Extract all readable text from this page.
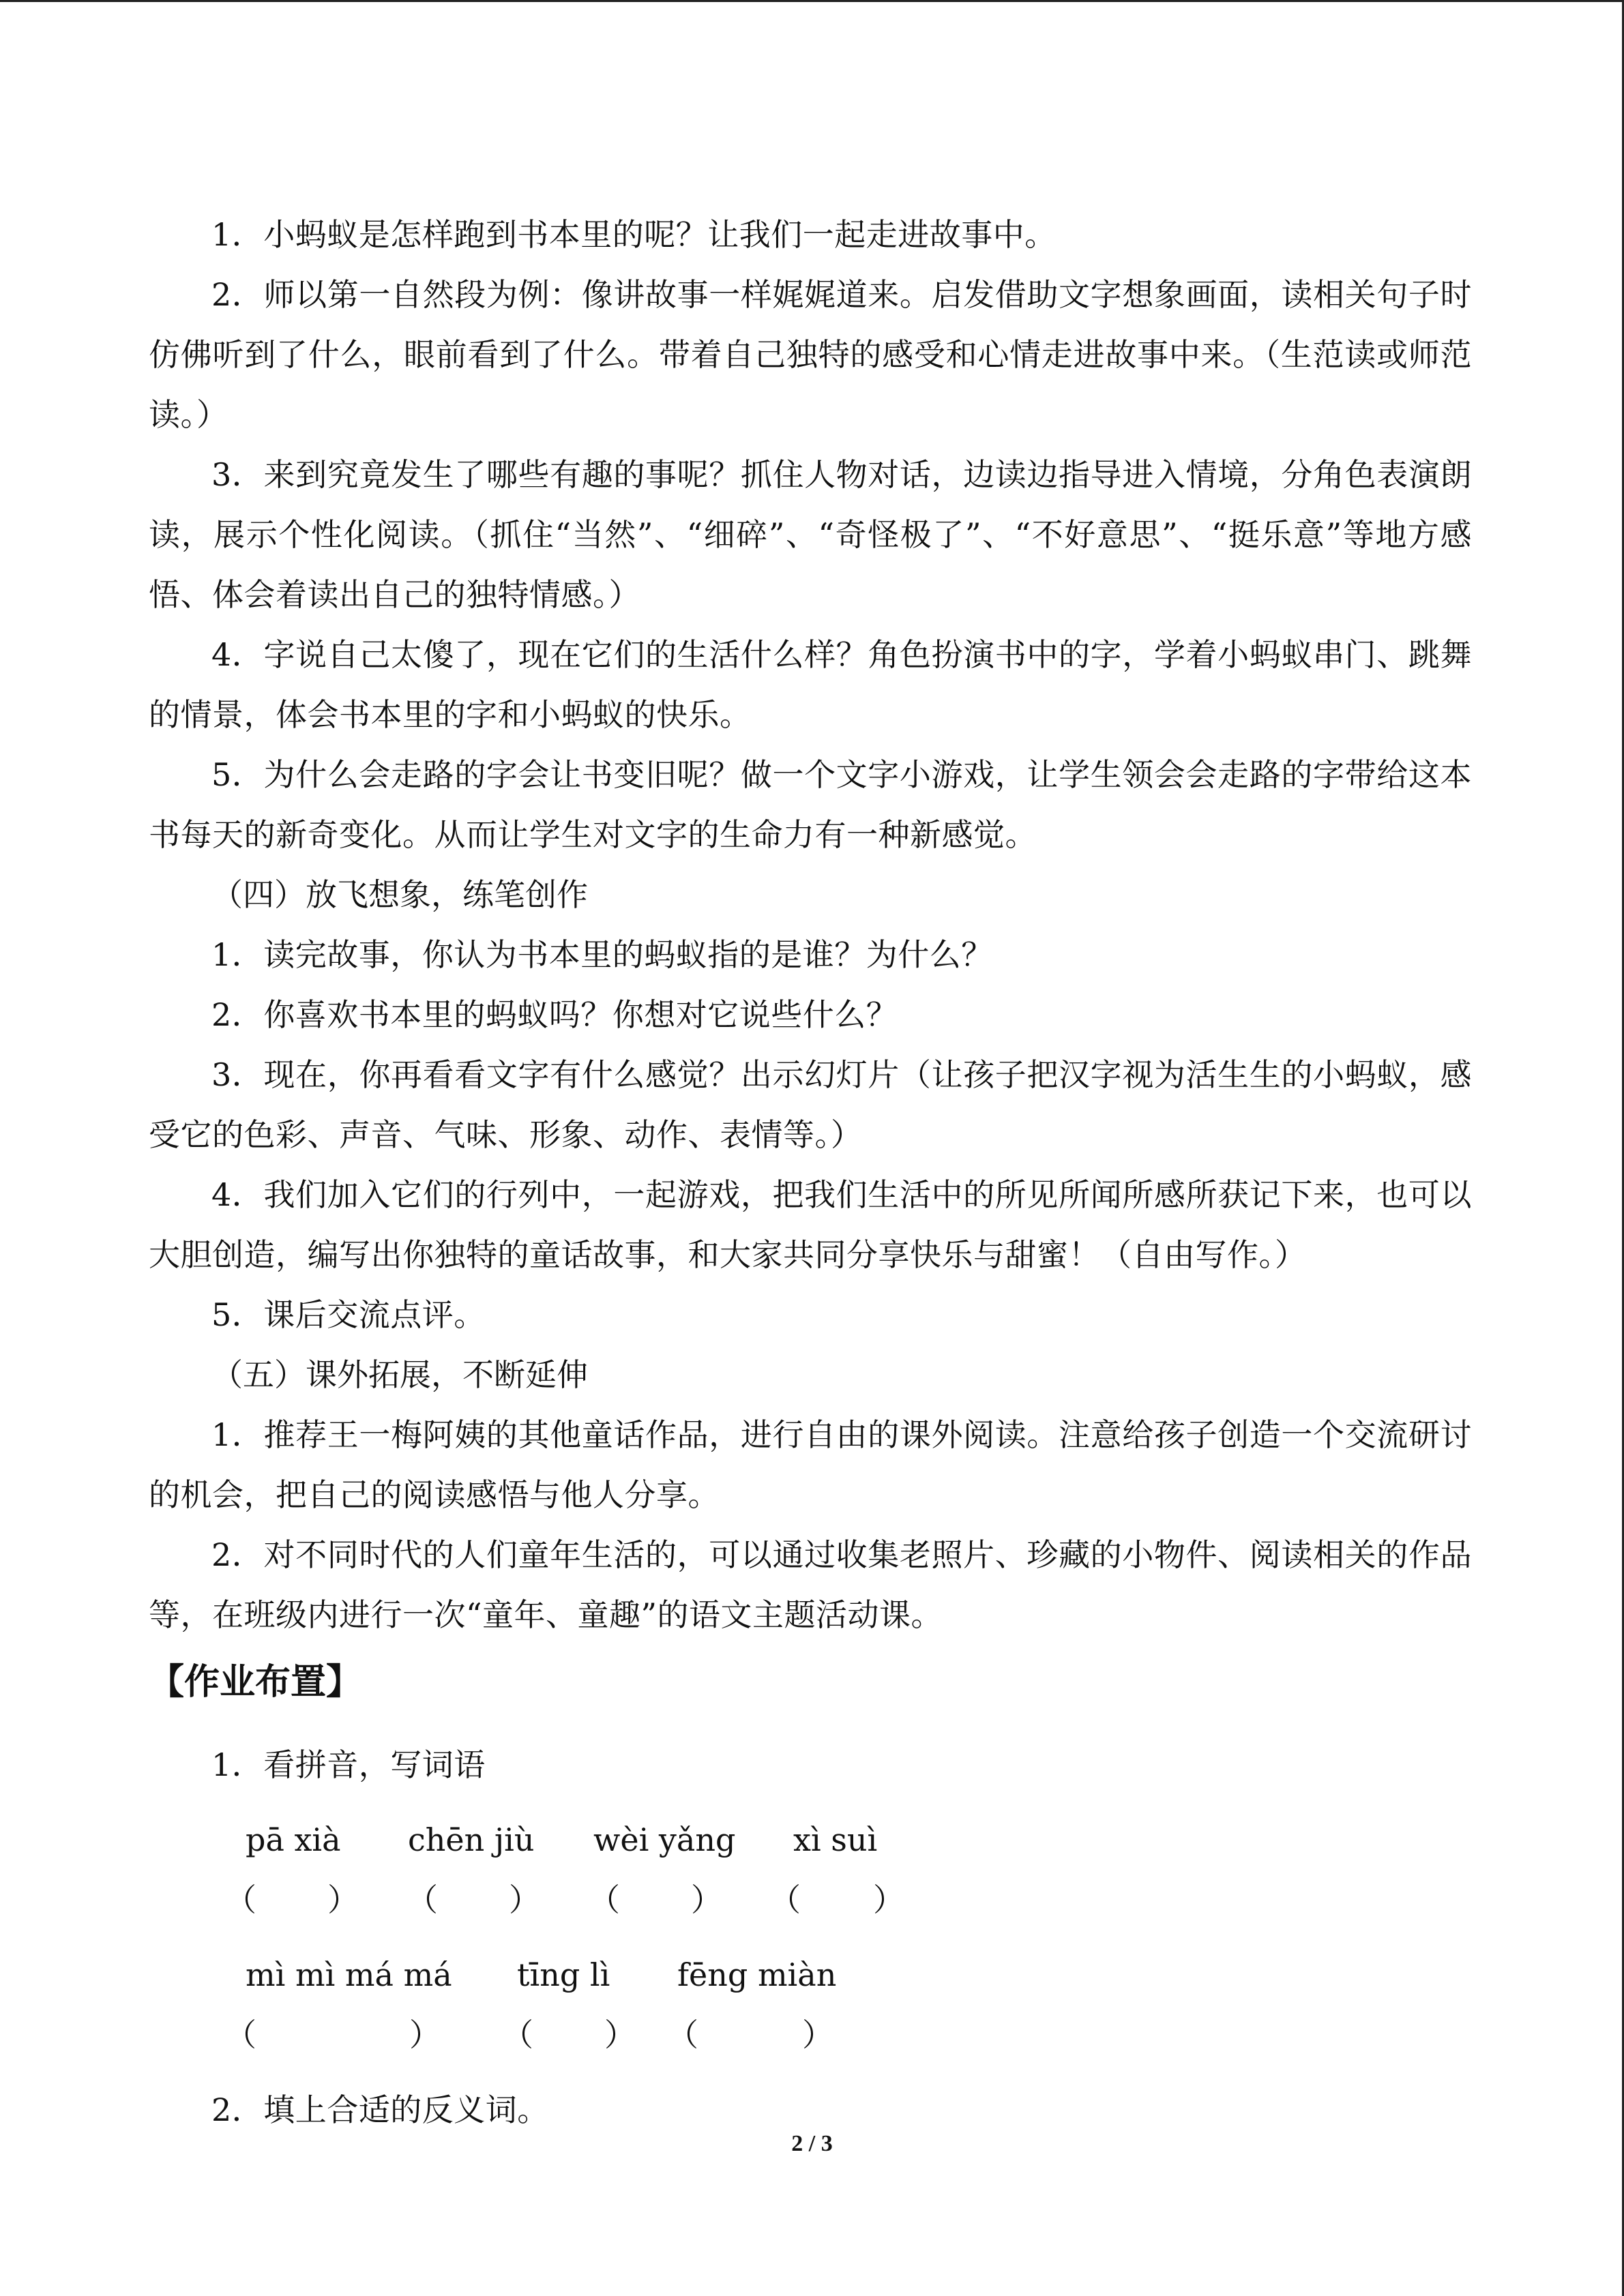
1．小蚂蚁是怎样跑到书本里的呢？让我们一起走进故事中。

2．师以第一自然段为例：像讲故事一样娓娓道来。启发借助文字想象画面，读相关句子时仿佛听到了什么，眼前看到了什么。带着自己独特的感受和心情走进故事中来。（生范读或师范读。）

3．来到究竟发生了哪些有趣的事呢？抓住人物对话，边读边指导进入情境，分角色表演朗读，展示个性化阅读。（抓住“当然”、“细碎”、“奇怪极了”、“不好意思”、“挺乐意”等地方感悟、体会着读出自己的独特情感。）

4．字说自己太傻了，现在它们的生活什么样？角色扮演书中的字，学着小蚂蚁串门、跳舞的情景，体会书本里的字和小蚂蚁的快乐。

5．为什么会走路的字会让书变旧呢？做一个文字小游戏，让学生领会会走路的字带给这本书每天的新奇变化。从而让学生对文字的生命力有一种新感觉。

（四）放飞想象，练笔创作

1．读完故事，你认为书本里的蚂蚁指的是谁？为什么？

2．你喜欢书本里的蚂蚁吗？你想对它说些什么？

3．现在，你再看看文字有什么感觉？出示幻灯片（让孩子把汉字视为活生生的小蚂蚁，感受它的色彩、声音、气味、形象、动作、表情等。）

4．我们加入它们的行列中，一起游戏，把我们生活中的所见所闻所感所获记下来，也可以大胆创造，编写出你独特的童话故事，和大家共同分享快乐与甜蜜！（自由写作。）

5．课后交流点评。

（五）课外拓展，不断延伸

1．推荐王一梅阿姨的其他童话作品，进行自由的课外阅读。注意给孩子创造一个交流研讨的机会，把自己的阅读感悟与他人分享。

2．对不同时代的人们童年生活的，可以通过收集老照片、珍藏的小物件、阅读相关的作品等，在班级内进行一次“童年、童趣”的语文主题活动课。

【作业布置】

1．看拼音，写词语

pā xià chēn jiù wèi yǎng xì suì
（ ） （ ） （ ） （ ）
mì mì má má tīng lì fēng miàn
（	） （ ） （	）

2．填上合适的反义词。

2 / 3
